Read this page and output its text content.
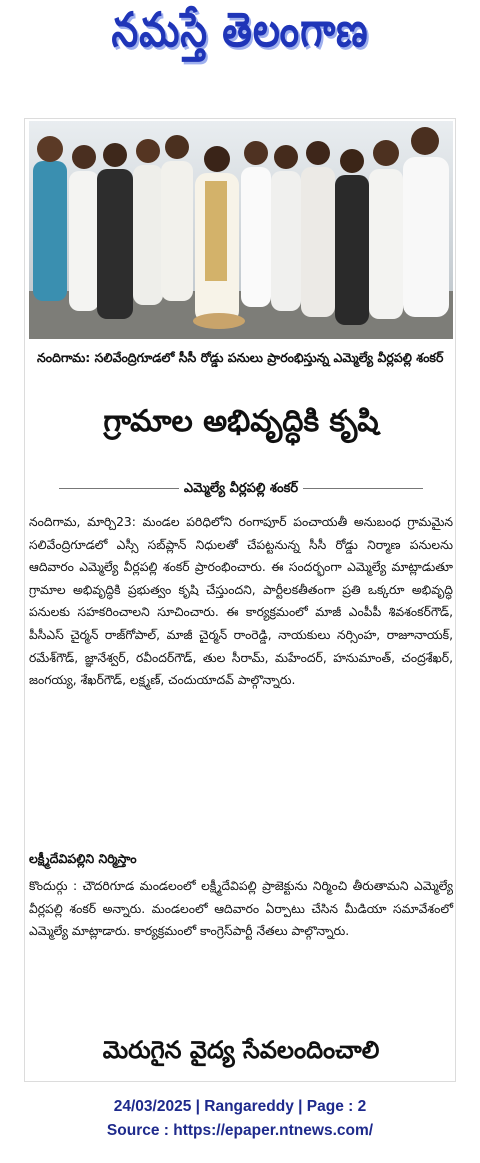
నమస్తే తెలంగాణ
నందిగామ: సలివేంద్రిగూడలో సీసీ రోడ్డు పనులు ప్రారంభిస్తున్న ఎమ్మెల్యే వీర్లపల్లి శంకర్
గ్రామాల అభివృద్ధికి కృషి
ఎమ్మెల్యే వీర్లపల్లి శంకర్
నందిగామ, మార్చి23: మండల పరిధిలోని రంగాపూర్ పంచాయతీ అనుబంధ గ్రామమైన సలివేంద్రిగూడలో ఎస్సీ సబ్‌ప్లాన్ నిధులతో చేపట్టనున్న సీసీ రోడ్డు నిర్మాణ పనులను ఆదివారం ఎమ్మెల్యే వీర్లపల్లి శంకర్ ప్రారంభించారు. ఈ సందర్భంగా ఎమ్మెల్యే మాట్లాడుతూ గ్రామాల అభివృద్ధికి ప్రభుత్వం కృషి చేస్తుందని, పార్టీలకతీతంగా ప్రతి ఒక్కరూ అభివృద్ధి పనులకు సహకరించాలని సూచించారు. ఈ కార్యక్రమంలో మాజీ ఎంపీపీ శివశంకర్‌గౌడ్, పీసీఎస్ చైర్మన్ రాజ్‌గోపాల్, మాజీ చైర్మన్ రాంరెడ్డి, నాయకులు నర్సింహ, రాజూనాయక్, రమేశ్‌గౌడ్, జ్ఞానేశ్వర్, రవీందర్‌గౌడ్, తుల సీరామ్, మహేందర్, హనుమాంత్, చంద్రశేఖర్, జంగయ్య, శేఖర్‌గౌడ్, లక్ష్మణ్, చందుయాదవ్ పాల్గొన్నారు.
లక్ష్మీదేవిపల్లిని నిర్మిస్తాం
కొందుర్గు : చౌదరిగూడ మండలంలో లక్ష్మీదేవిపల్లి ప్రాజెక్టును నిర్మించి తీరుతామని ఎమ్మెల్యే వీర్లపల్లి శంకర్ అన్నారు. మండలంలో ఆదివారం ఏర్పాటు చేసిన మీడియా సమావేశంలో ఎమ్మెల్యే మాట్లాడారు. కార్యక్రమంలో కాంగ్రెస్‌పార్టీ నేతలు పాల్గొన్నారు.
మెరుగైన వైద్య సేవలందించాలి
24/03/2025 | Rangareddy | Page : 2
Source : https://epaper.ntnews.com/
